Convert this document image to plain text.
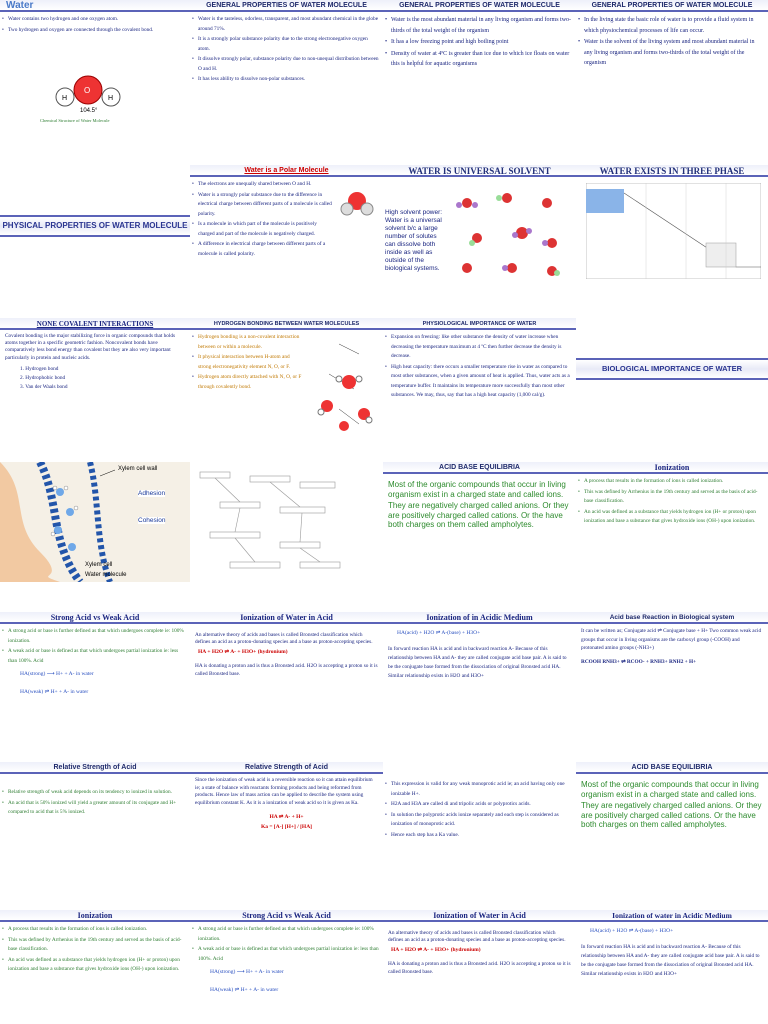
Water
• Water contains two hydrogen and one oxygen atom.
• Two hydrogen and oxygen are connected through the covalent bond.
O
H	H
104.5°
Chemical Structure of Water Molecule
GENERAL PROPERTIES OF WATER MOLECULE
• Water is the tasteless, odorless, transparent, and most abundant chemical in the globe around 71%.
• It is a strongly polar substance polarity due to the strong electronegative oxygen atom.
• It dissolve strongly polar, substance polarity due to non-unequal distribution between O and H.
• It has less ability to dissolve non-polar substances.
GENERAL PROPERTIES OF WATER MOLECULE
• Water is the most abundant material in any living organism and forms two-thirds of the total weight of the organism
• It has a low freezing point and high boiling point
• Density of water at 4ºC is greater than ice due to which ice floats on water this is helpful for aquatic organisms
GENERAL PROPERTIES OF WATER MOLECULE
• In the living state the basic role of water is to provide a fluid system in which physiochemical processes of life can occur.
• Water is the solvent of the living system and most abundant material in any living organism and forms two-thirds of the total weight of the organism
PHYSICAL PROPERTIES OF WATER MOLECULE
Water is a Polar Molecule
• The electrons are unequally shared between O and H.
• Water is a strongly polar substance due to the difference in electrical charge between different parts of a molecule is called polarity.
• Is a molecule in which part of the molecule is positively charged and part of the molecule is negatively charged.
• A difference in electrical charge between different parts of a molecule is called polarity.
WATER IS UNIVERSAL SOLVENT
High solvent power: Water is a universal solvent b/c a large number of solutes can dissolve both inside as well as outside of the biological systems.
WATER EXISTS IN THREE PHASE
NONE COVALENT INTERACTIONS
Covalent bonding is the major stabilizing force in organic compounds that holds atoms together in a specific geometric fashion. Noncovalent bonds have comparatively less bond energy than covalent but they are also very important particularly in protein and nucleic acids.
1. Hydrogen bond
2. Hydrophobic bond
3. Van der Waals bond
HYDROGEN BONDING BETWEEN WATER MOLECULES
• Hydrogen bonding is a non-covalent interaction between or within a molecule.
• It physical interaction between H-atom and strong electronegativity element N, O, or F.
• Hydrogen atom directly attached with N, O, or F through covalently bond.
PHYSIOLOGICAL IMPORTANCE OF WATER
• Expansion on freezing: like other substance the density of water increase when decreasing the temperature maximum at 4 ºC then further decrease the density is decrease.
• High heat capacity: there occurs a smaller temperature rise in water as compared to most other substances, when a given amount of heat is applied. Thus, water acts as a temperature buffer. It maintains its temperature more successfully than most other substances. We may, thus, say that has a high heat capacity (1,000 cal/g).
BIOLOGICAL IMPORTANCE OF WATER
Xylem cell wall
Adhesion
Cohesion
Xylem cell
Water molecule
ACID BASE EQUILIBRIA
Most of the organic compounds that occur in living organism exist in a charged state and called ions.
They are negatively charged called anions. Or they are positively charged called cations. Or the have both charges on them called ampholytes.
Ionization
• A process that results in the formation of ions is called ionization.
• This was defined by Arrhenius in the 19th century and served as the basis of acid-base classification.
• An acid was defined as a substance that yields hydrogen ion (H+ or proton) upon ionization and base a substance that gives hydroxide ions (OH-) upon ionization.
Strong Acid vs Weak Acid
• A strong acid or base is further defined as that which undergoes complete ie: 100% ionization.
• A weak acid or base is defined as that which undergoes partial ionization ie: less than 100%. Acid
HA(strong) ⟶ H+ + A- in water
HA(weak) ⇌ H+ + A- in water
Ionization of Water in Acid
An alternative theory of acids and bases is called Bronsted classification which defines an acid as a proton-donating species and a base as proton-accepting species.
HA + H2O ⇌ A- + H3O+ (hydronium)
HA is donating a proton and is thus a Bronsted acid. H2O is accepting a proton so it is called Bronsted base.
Ionization of in Acidic Medium
HA(acid) + H2O ⇌ A-(base) + H3O+
In forward reaction HA is acid and in backward reaction A- Because of this relationship between HA and A- they are called conjugate acid base pair. A is said to be the conjugate base formed from the dissociation of original Bronsted acid HA. Similar relationship exists in H2O and H3O+
Acid base Reaction in Biological system
It can be written as; Conjugate acid ⇌ Conjugate base + H+ Two common weak acid groups that occur in living organisms are the carboxyl group (-COOH) and protonated amino groups (-NH3+)
RCOOH RNH3+ ⇌ RCOO- + RNH3+ RNH2 + H+
Relative Strength of Acid
• Relative strength of weak acid depends on its tendency to ionized in solution.
• An acid that is 50% ionized will yield a greater amount of its conjugate and H+ compared to acid that is 5% ionized.
Relative Strength of Acid
Since the ionization of weak acid is a reversible reaction so it can attain equilibrium ie; a state of balance with reactants forming products and being reformed from products. Hence law of mass action can be applied to describe the system using equilibrium constant K. As it is a ionization of weak acid so it is given as Ka.
HA ⇌ A- + H+
Ka = [A-] [H+] / [HA]
• This expression is valid for any weak monoprotic acid ie; an acid having only one ionizable H+.
• H2A and H3A are called di and tripolic acids or polyprotics acids.
• In solution the polyprotic acids ionize separately and each step is considered as ionization of monoprotic acid.
• Hence each step has a Ka value.
ACID BASE EQUILIBRIA
Most of the organic compounds that occur in living organism exist in a charged state and called ions.
They are negatively charged called anions. Or they are positively charged called cations. Or the have both charges on them called ampholytes.
Ionization
• A process that results in the formation of ions is called ionization.
• This was defined by Arrhenius in the 19th century and served as the basis of acid-base classification.
• An acid was defined as a substance that yields hydrogen ion (H+ or proton) upon ionization and base a substance that gives hydroxide ions (OH-) upon ionization.
Strong Acid vs Weak Acid
• A strong acid or base is further defined as that which undergoes complete ie: 100% ionization.
• A weak acid or base is defined as that which undergoes partial ionization ie: less than 100%. Acid
HA(strong) ⟶ H+ + A- in water
HA(weak) ⇌ H+ + A- in water
Ionization of Water in Acid
An alternative theory of acids and bases is called Bronsted classification which defines an acid as a proton-donating species and a base as proton-accepting species.
HA + H2O ⇌ A- + H3O+ (hydronium)
HA is donating a proton and is thus a Bronsted acid. H2O is accepting a proton so it is called Bronsted base.
Ionization of water in Acidic Medium
HA(acid) + H2O ⇌ A-(base) + H3O+
In forward reaction HA is acid and in backward reaction A- Because of this relationship between HA and A- they are called conjugate acid base pair. A is said to be the conjugate base formed from the dissociation of original Bronsted acid HA. Similar relationship exists in H2O and H3O+
